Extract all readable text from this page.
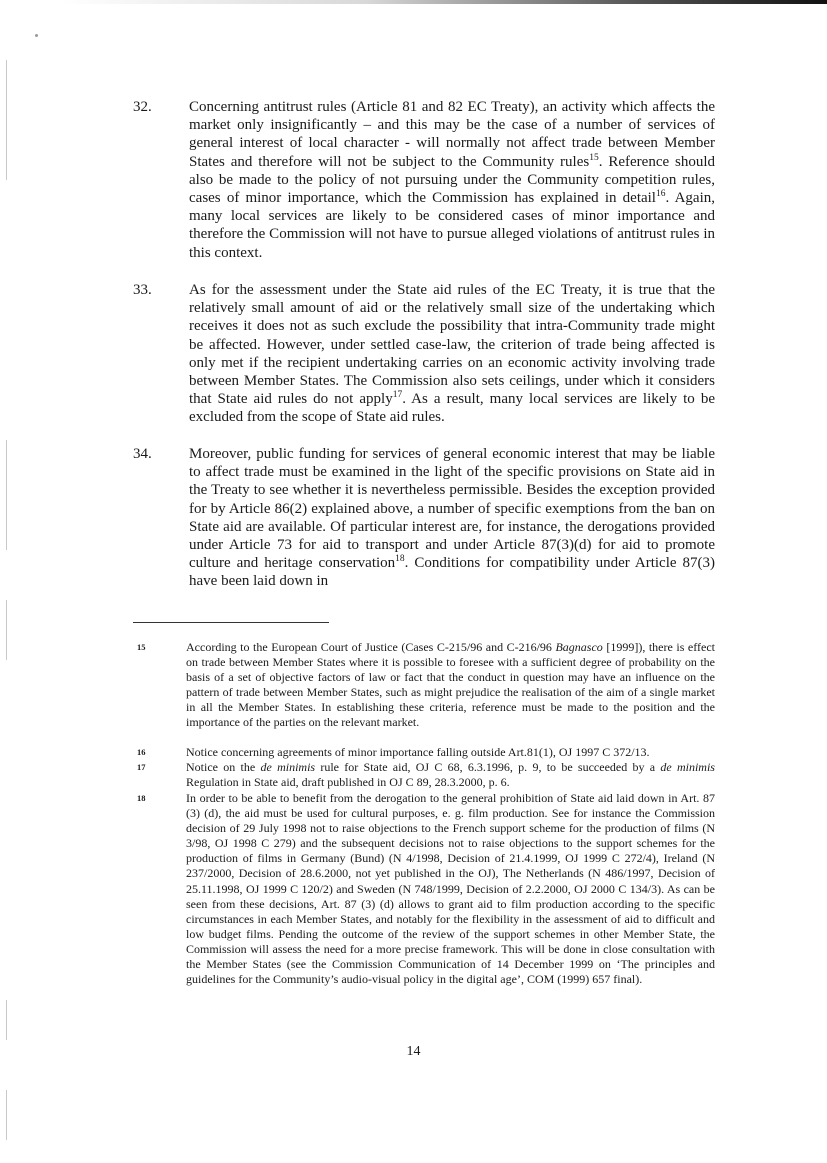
32.	Concerning antitrust rules (Article 81 and 82 EC Treaty), an activity which affects the market only insignificantly – and this may be the case of a number of services of general interest of local character - will normally not affect trade between Member States and therefore will not be subject to the Community rules$^{15}$. Reference should also be made to the policy of not pursuing under the Community competition rules, cases of minor importance, which the Commission has explained in detail$^{16}$. Again, many local services are likely to be considered cases of minor importance and therefore the Commission will not have to pursue alleged violations of antitrust rules in this context.
33.	As for the assessment under the State aid rules of the EC Treaty, it is true that the relatively small amount of aid or the relatively small size of the undertaking which receives it does not as such exclude the possibility that intra-Community trade might be affected. However, under settled case-law, the criterion of trade being affected is only met if the recipient undertaking carries on an economic activity involving trade between Member States. The Commission also sets ceilings, under which it considers that State aid rules do not apply$^{17}$. As a result, many local services are likely to be excluded from the scope of State aid rules.
34.	Moreover, public funding for services of general economic interest that may be liable to affect trade must be examined in the light of the specific provisions on State aid in the Treaty to see whether it is nevertheless permissible. Besides the exception provided for by Article 86(2) explained above, a number of specific exemptions from the ban on State aid are available. Of particular interest are, for instance, the derogations provided under Article 73 for aid to transport and under Article 87(3)(d) for aid to promote culture and heritage conservation$^{18}$. Conditions for compatibility under Article 87(3) have been laid down in
15	According to the European Court of Justice (Cases C-215/96 and C-216/96 Bagnasco [1999]), there is effect on trade between Member States where it is possible to foresee with a sufficient degree of probability on the basis of a set of objective factors of law or fact that the conduct in question may have an influence on the pattern of trade between Member States, such as might prejudice the realisation of the aim of a single market in all the Member States. In establishing these criteria, reference must be made to the position and the importance of the parties on the relevant market.
16	Notice concerning agreements of minor importance falling outside Art.81(1), OJ 1997 C 372/13.
17	Notice on the de minimis rule for State aid, OJ C 68, 6.3.1996, p. 9, to be succeeded by a de minimis Regulation in State aid, draft published in OJ C 89, 28.3.2000, p. 6.
18	In order to be able to benefit from the derogation to the general prohibition of State aid laid down in Art. 87 (3) (d), the aid must be used for cultural purposes, e. g. film production. See for instance the Commission decision of 29 July 1998 not to raise objections to the French support scheme for the production of films (N 3/98, OJ 1998 C 279) and the subsequent decisions not to raise objections to the support schemes for the production of films in Germany (Bund) (N 4/1998, Decision of 21.4.1999, OJ 1999 C 272/4), Ireland (N 237/2000, Decision of 28.6.2000, not yet published in the OJ), The Netherlands (N 486/1997, Decision of 25.11.1998, OJ 1999 C 120/2) and Sweden (N 748/1999, Decision of 2.2.2000, OJ 2000 C 134/3). As can be seen from these decisions, Art. 87 (3) (d) allows to grant aid to film production according to the specific circumstances in each Member States, and notably for the flexibility in the assessment of aid to difficult and low budget films. Pending the outcome of the review of the support schemes in other Member State, the Commission will assess the need for a more precise framework. This will be done in close consultation with the Member States (see the Commission Communication of 14 December 1999 on ‘The principles and guidelines for the Community’s audio-visual policy in the digital age’, COM (1999) 657 final).
14
